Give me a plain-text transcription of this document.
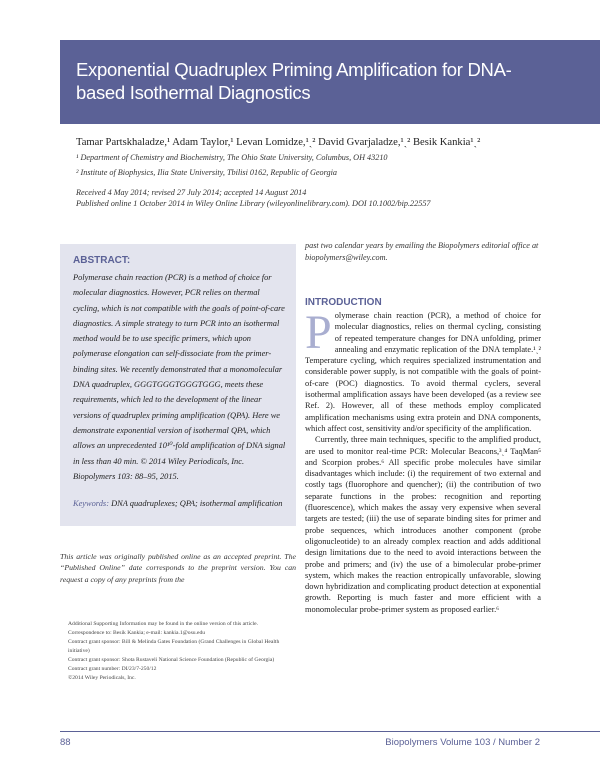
Exponential Quadruplex Priming Amplification for DNA-based Isothermal Diagnostics
Tamar Partskhaladze,¹ Adam Taylor,¹ Levan Lomidze,¹ˎ² David Gvarjaladze,¹ˎ² Besik Kankia¹ˎ²
¹ Department of Chemistry and Biochemistry, The Ohio State University, Columbus, OH 43210
² Institute of Biophysics, Ilia State University, Tbilisi 0162, Republic of Georgia
Received 4 May 2014; revised 27 July 2014; accepted 14 August 2014
Published online 1 October 2014 in Wiley Online Library (wileyonlinelibrary.com). DOI 10.1002/bip.22557
ABSTRACT:
Polymerase chain reaction (PCR) is a method of choice for molecular diagnostics. However, PCR relies on thermal cycling, which is not compatible with the goals of point-of-care diagnostics. A simple strategy to turn PCR into an isothermal method would be to use specific primers, which upon polymerase elongation can self-dissociate from the primer-binding sites. We recently demonstrated that a monomolecular DNA quadruplex, GGGTGGGTGGGTGGG, meets these requirements, which led to the development of the linear versions of quadruplex priming amplification (QPA). Here we demonstrate exponential version of isothermal QPA, which allows an unprecedented 10¹⁰-fold amplification of DNA signal in less than 40 min. © 2014 Wiley Periodicals, Inc. Biopolymers 103: 88–95, 2015.
Keywords: DNA quadruplexes; QPA; isothermal amplification
This article was originally published online as an accepted preprint. The “Published Online” date corresponds to the preprint version. You can request a copy of any preprints from the

Additional Supporting Information may be found in the online version of this article.

Correspondence to: Besik Kankia; e-mail: kankia.1@osu.edu

Contract grant sponsor: Bill & Melinda Gates Foundation (Grand Challenges in Global Health initiative)

Contract grant sponsor: Shota Rustaveli National Science Foundation (Republic of Georgia)

Contract grant number: DI/23/7-250/12

©2014 Wiley Periodicals, Inc.

past two calendar years by emailing the Biopolymers editorial office at biopolymers@wiley.com.
INTRODUCTION

Polymerase chain reaction (PCR), a method of choice for molecular diagnostics, relies on thermal cycling, consisting of repeated temperature changes for DNA unfolding, primer annealing and enzymatic replication of the DNA template.¹ˎ² Temperature cycling, which requires specialized instrumentation and considerable power supply, is not compatible with the goals of point-of-care (POC) diagnostics. To avoid thermal cyclers, several isothermal amplification assays have been developed (as a review see Ref. 2). However, all of these methods employ complicated amplification mechanisms using extra protein and DNA components, which affect cost, sensitivity and/or specificity of the amplification.

Currently, three main techniques, specific to the amplified product, are used to monitor real-time PCR: Molecular Beacons,³ˎ⁴ TaqMan⁵ and Scorpion probes.⁶ All specific probe molecules have similar disadvantages which include: (i) the requirement of two external and costly tags (fluorophore and quencher); (ii) the contribution of two separate functions in the probes: recognition and reporting (fluorescence), which makes the assay very expensive when several targets are tested; (iii) the use of separate binding sites for primer and probe sequences, which introduces another component (probe oligonucleotide) to an already complex reaction and adds additional design limitations due to the need to avoid interactions between the probe and primers; and (iv) the use of a bimolecular probe-primer system, which makes the reaction entropically unfavorable, slowing down hybridization and complicating product detection at exponential growth. Reporting is much faster and more efficient with a monomolecular probe-primer system as proposed earlier.⁶

88	Biopolymers Volume 103 / Number 2
